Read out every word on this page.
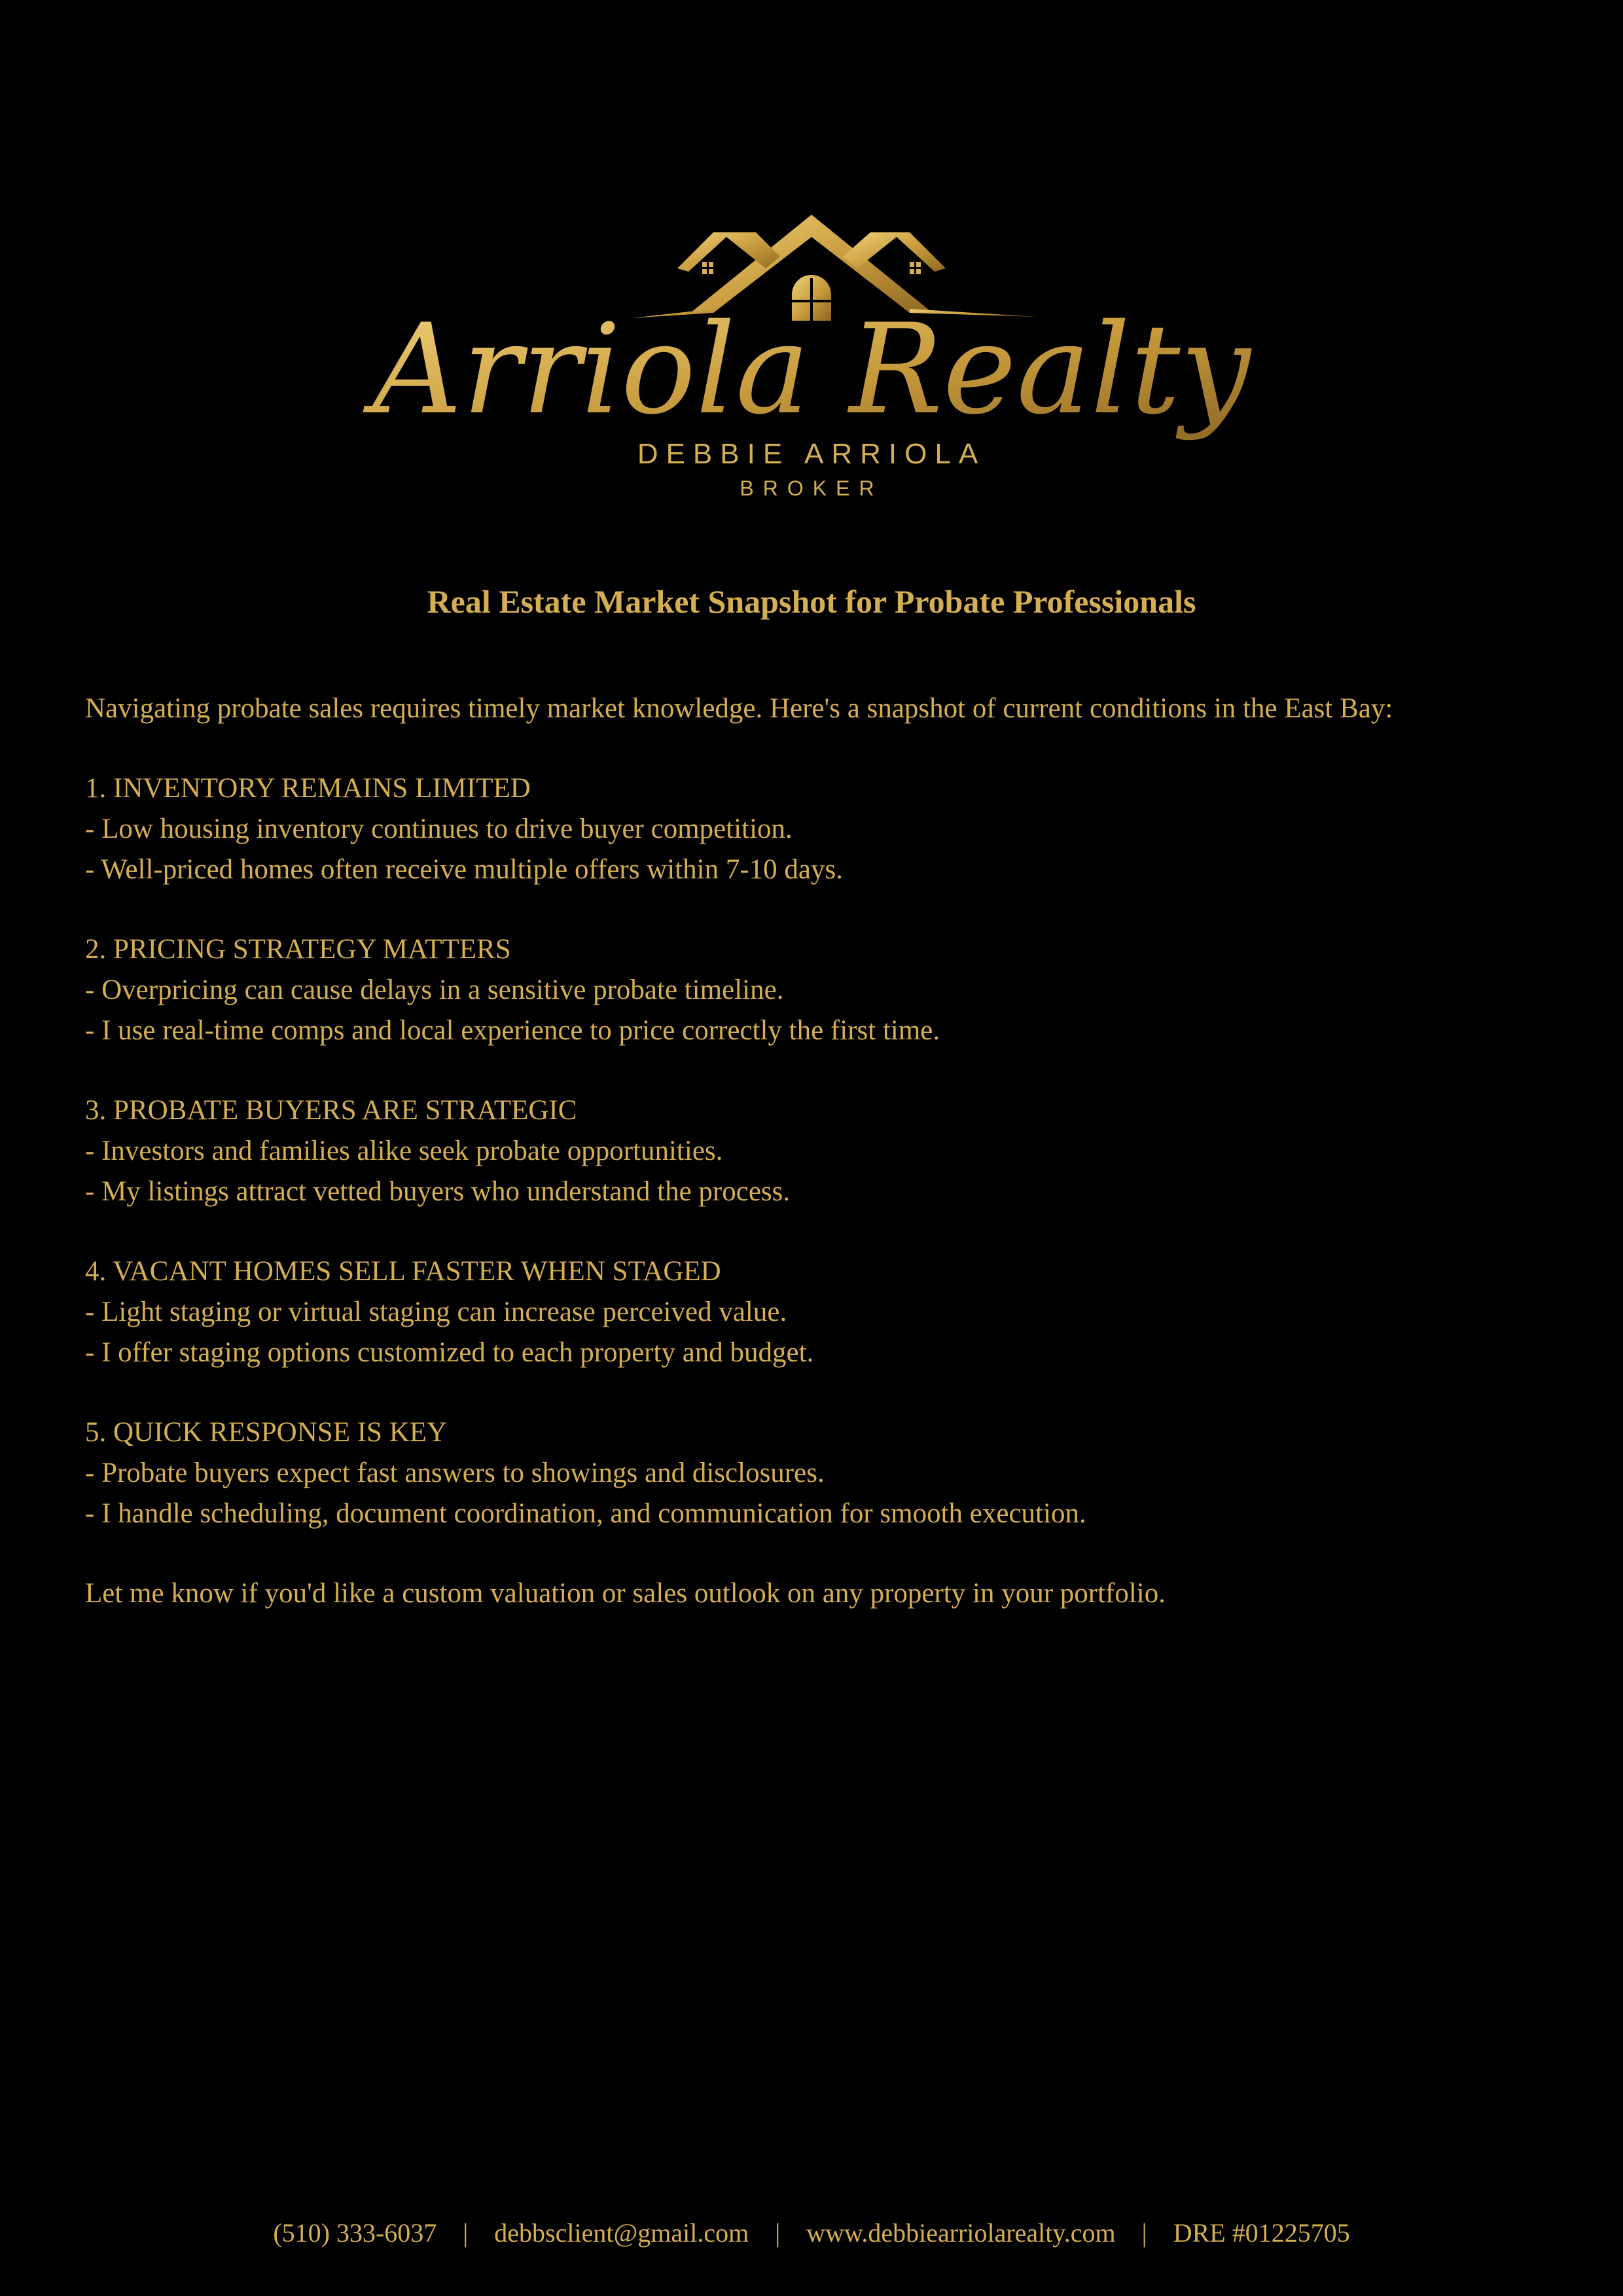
Arriola Realty
DEBBIE ARRIOLA
BROKER
Real Estate Market Snapshot for Probate Professionals

Navigating probate sales requires timely market knowledge. Here's a snapshot of current conditions in the East Bay:

1. INVENTORY REMAINS LIMITED

- Low housing inventory continues to drive buyer competition.

- Well-priced homes often receive multiple offers within 7-10 days.

2. PRICING STRATEGY MATTERS

- Overpricing can cause delays in a sensitive probate timeline.

- I use real-time comps and local experience to price correctly the first time.

3. PROBATE BUYERS ARE STRATEGIC

- Investors and families alike seek probate opportunities.

- My listings attract vetted buyers who understand the process.

4. VACANT HOMES SELL FASTER WHEN STAGED

- Light staging or virtual staging can increase perceived value.

- I offer staging options customized to each property and budget.

5. QUICK RESPONSE IS KEY

- Probate buyers expect fast answers to showings and disclosures.

- I handle scheduling, document coordination, and communication for smooth execution.

Let me know if you'd like a custom valuation or sales outlook on any property in your portfolio.

(510) 333-6037 | debbsclient@gmail.com | www.debbiearriolarealty.com | DRE #01225705
